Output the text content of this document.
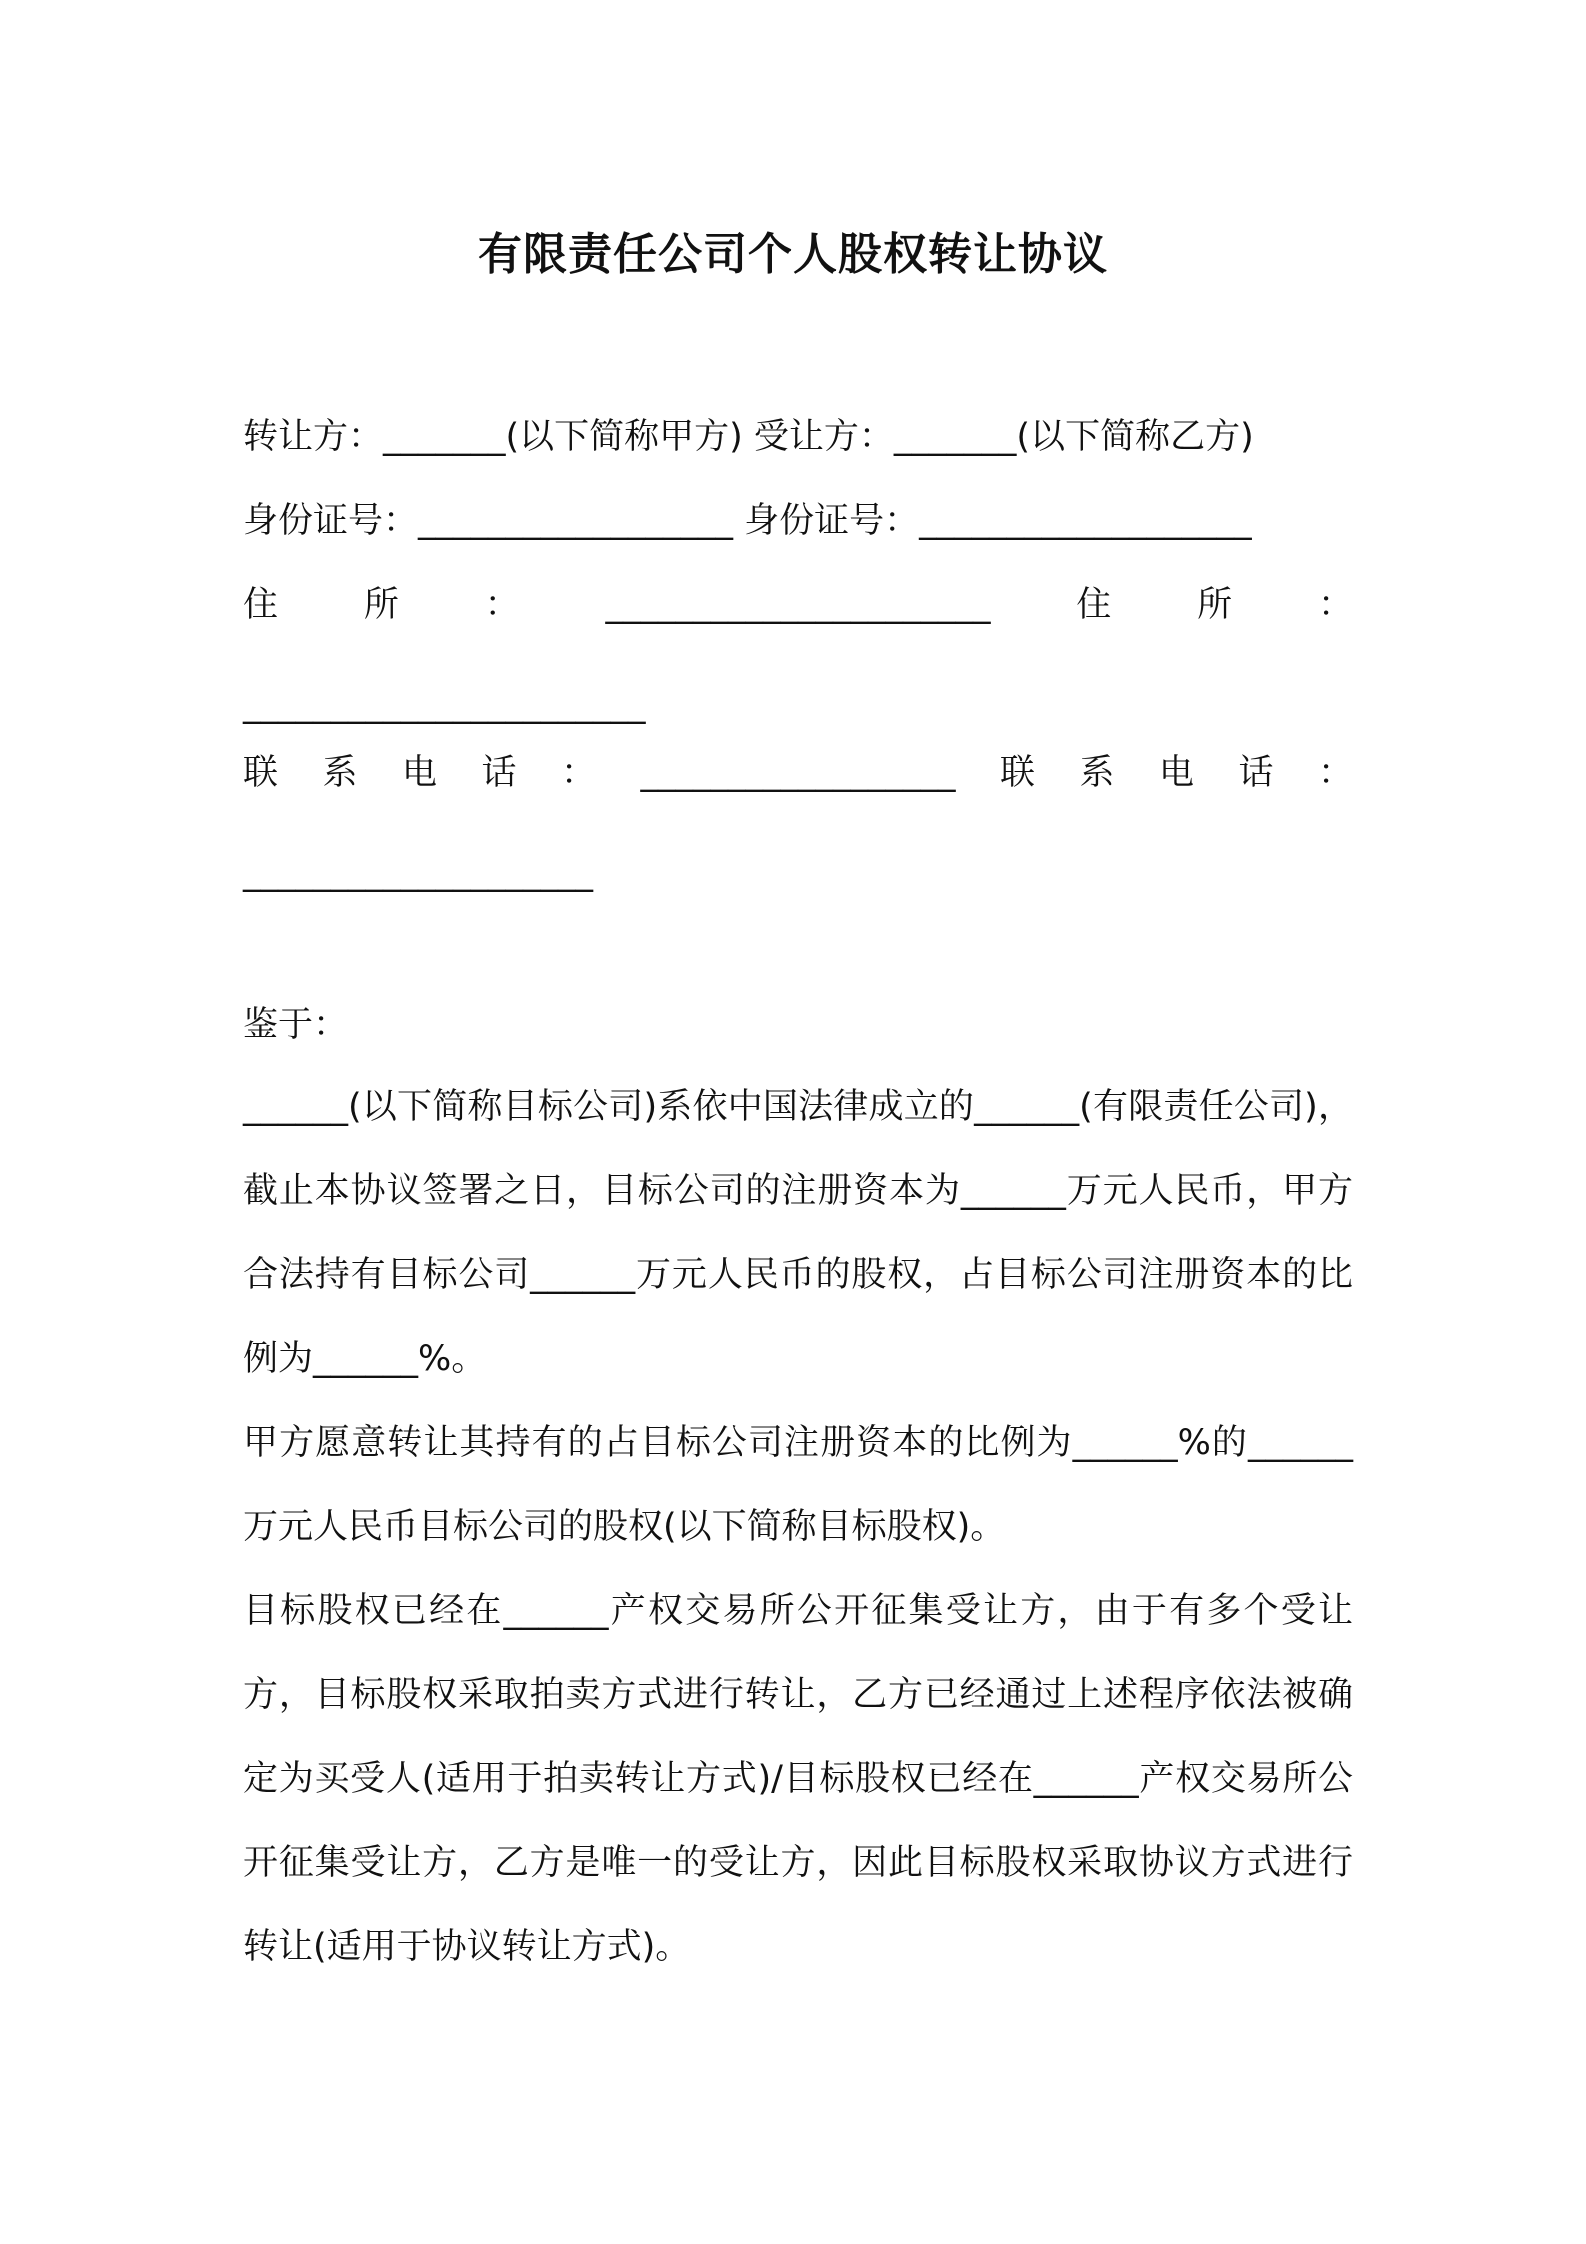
有限责任公司个人股权转让协议

转让方：_______(以下简称甲方) 受让方：_______(以下简称乙方)

身份证号：__________________ 身份证号：___________________

住 所 ： ______________________ 住 所 ：

_______________________

联 系 电 话 ： __________________ 联 系 电 话 ：

____________________

鉴于：

______(以下简称目标公司)系依中国法律成立的______(有限责任公司)，截止本协议签署之日，目标公司的注册资本为______万元人民币，甲方合法持有目标公司______万元人民币的股权，占目标公司注册资本的比例为______%。

甲方愿意转让其持有的占目标公司注册资本的比例为______%的______万元人民币目标公司的股权(以下简称目标股权)。

目标股权已经在______产权交易所公开征集受让方，由于有多个受让方，目标股权采取拍卖方式进行转让，乙方已经通过上述程序依法被确定为买受人(适用于拍卖转让方式)/目标股权已经在______产权交易所公开征集受让方，乙方是唯一的受让方，因此目标股权采取协议方式进行转让(适用于协议转让方式)。
